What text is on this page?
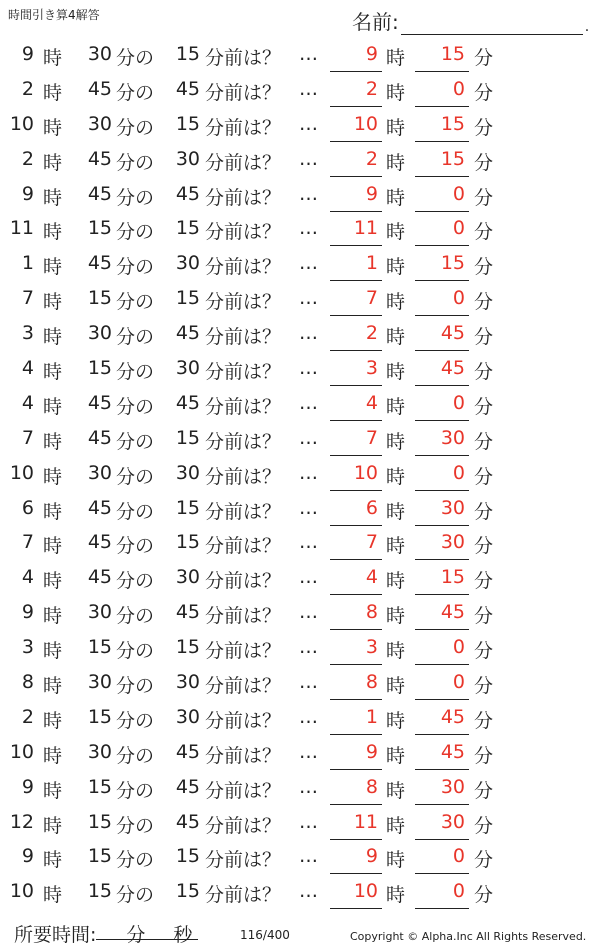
時間引き算4解答	名前:	.
9 時	30 分の	15 分前は？ …	9 時	15 分
2 時	45 分の	45 分前は？ …	2 時	0 分
10 時	30 分の	15 分前は？ …	10 時	15 分
2 時	45 分の	30 分前は？ …	2 時	15 分
9 時	45 分の	45 分前は？ …	9 時	0 分
11 時	15 分の	15 分前は？ …	11 時	0 分
1 時	45 分の	30 分前は？ …	1 時	15 分
7 時	15 分の	15 分前は？ …	7 時	0 分
3 時	30 分の	45 分前は？ …	2 時	45 分
4 時	15 分の	30 分前は？ …	3 時	45 分
4 時	45 分の	45 分前は？ …	4 時	0 分
7 時	45 分の	15 分前は？ …	7 時	30 分
10 時	30 分の	30 分前は？ …	10 時	0 分
6 時	45 分の	15 分前は？ …	6 時	30 分
7 時	45 分の	15 分前は？ …	7 時	30 分
4 時	45 分の	30 分前は？ …	4 時	15 分
9 時	30 分の	45 分前は？ …	8 時	45 分
3 時	15 分の	15 分前は？ …	3 時	0 分
8 時	30 分の	30 分前は？ …	8 時	0 分
2 時	15 分の	30 分前は？ …	1 時	45 分
10 時	30 分の	45 分前は？ …	9 時	45 分
9 時	15 分の	45 分前は？ …	8 時	30 分
12 時	15 分の	45 分前は？ …	11 時	30 分
9 時	15 分の	15 分前は？ …	9 時	0 分
10 時	15 分の	15 分前は？ …	10 時	0 分
所要時間: 分 秒	116/400	Copyright © Alpha.Inc All Rights Reserved.
